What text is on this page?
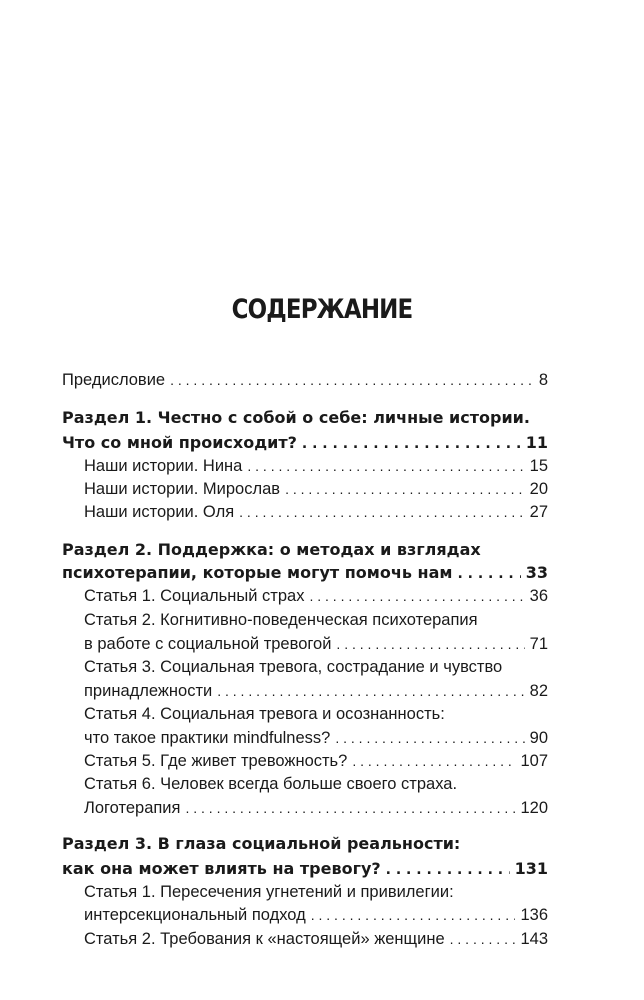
СОДЕРЖАНИЕ
Предисловие . . .	8
Раздел 1. Честно с собой о себе: личные истории.
Что со мной происходит? . . .	11
Наши истории. Нина . . .	15
Наши истории. Мирослав . . .	20
Наши истории. Оля . . .	27
Раздел 2. Поддержка: о методах и взглядах
психотерапии, которые могут помочь нам . . .	33
Статья 1. Социальный страх . . .	36
Статья 2. Когнитивно-поведенческая психотерапия
в работе с социальной тревогой . . .	71
Статья 3. Социальная тревога, сострадание и чувство
принадлежности . . .	82
Статья 4. Социальная тревога и осознанность:
что такое практики mindfulness? . . .	90
Статья 5. Где живет тревожность? . . .	107
Статья 6. Человек всегда больше своего страха.
Логотерапия . . .	120
Раздел 3. В глаза социальной реальности:
как она может влиять на тревогу? . . .	131
Статья 1. Пересечения угнетений и привилегии:
интерсекциональный подход . . .	136
Статья 2. Требования к «настоящей» женщине . . .	143
